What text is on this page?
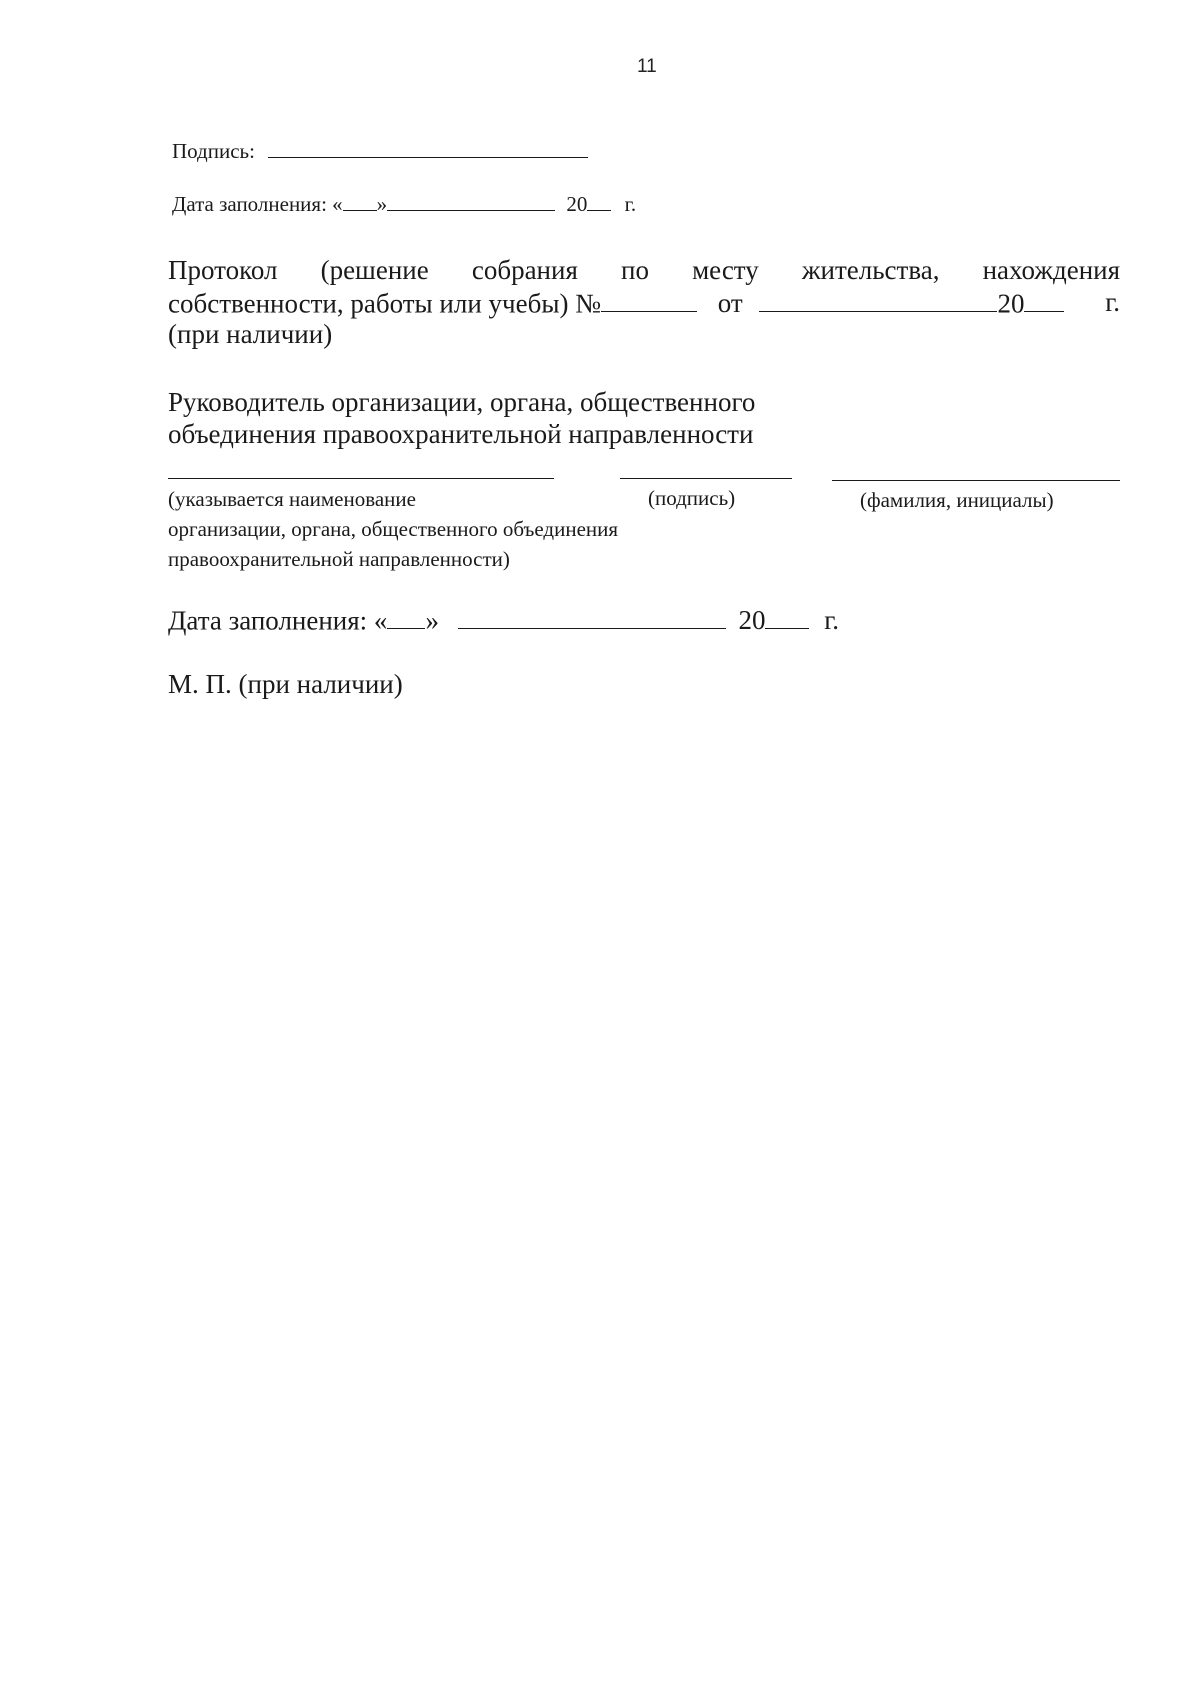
11
Подпись:
Дата заполнения: « »	20 г.
Протокол (решение собрания по месту жительства, нахождения
собственности, работы или учебы) №	от	20	г.
(при наличии)
Руководитель организации, органа, общественного
объединения правоохранительной направленности
(указывается наименование
организации, органа, общественного объединения
правоохранительной направленности)
(подпись)	(фамилия, инициалы)
Дата заполнения: « »	20 г.
М. П. (при наличии)
